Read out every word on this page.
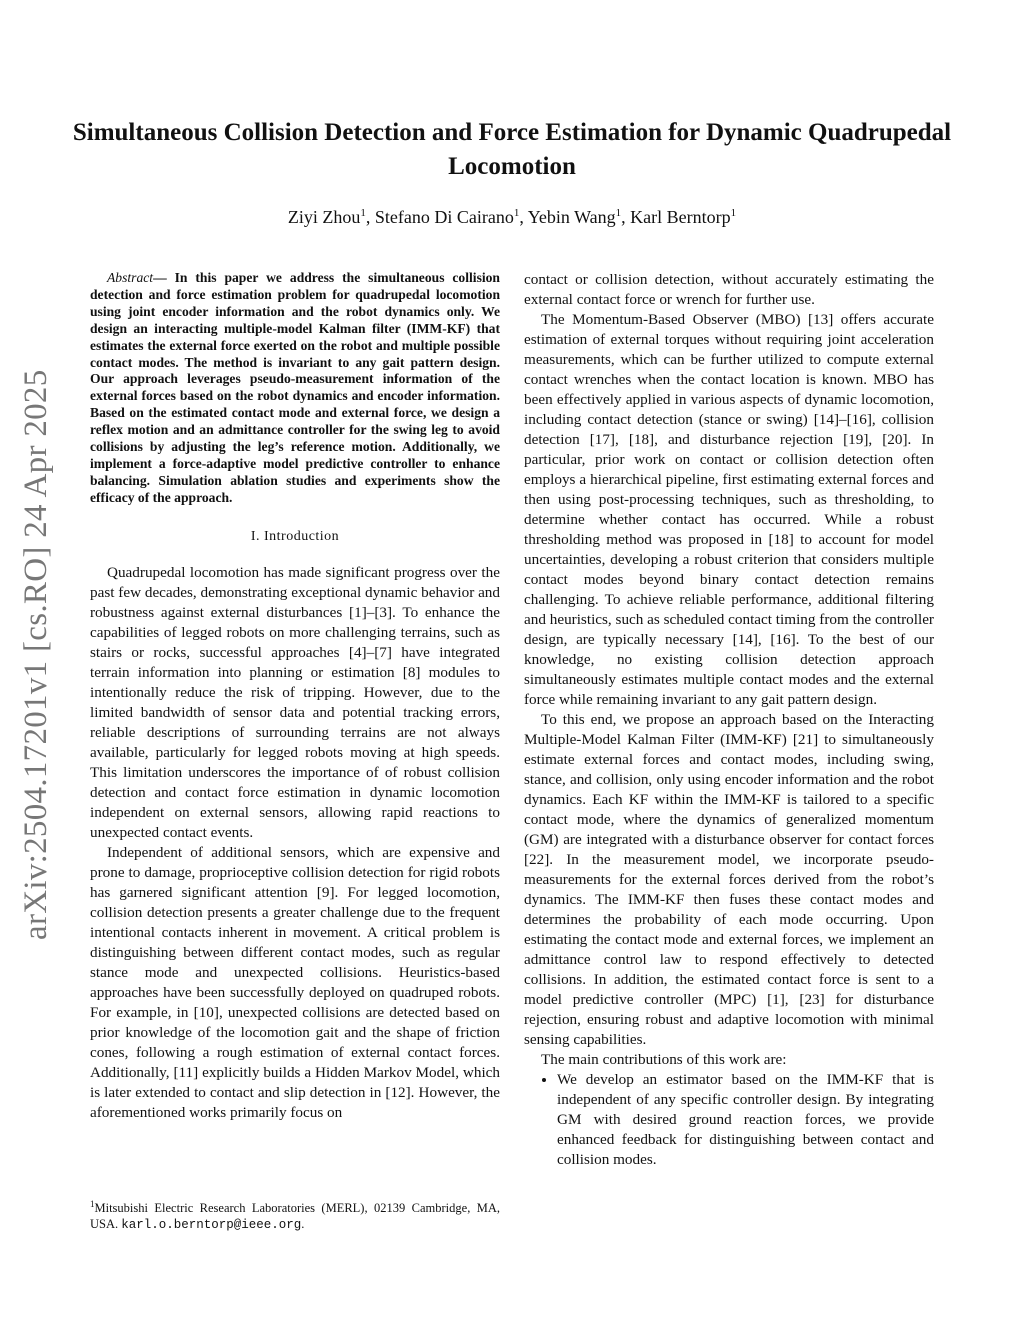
arXiv:2504.17201v1 [cs.RO] 24 Apr 2025
Simultaneous Collision Detection and Force Estimation for Dynamic Quadrupedal Locomotion
Ziyi Zhou$^1$, Stefano Di Cairano$^1$, Yebin Wang$^1$, Karl Berntorp$^1$

Abstract— In this paper we address the simultaneous collision detection and force estimation problem for quadrupedal locomotion using joint encoder information and the robot dynamics only. We design an interacting multiple-model Kalman filter (IMM-KF) that estimates the external force exerted on the robot and multiple possible contact modes. The method is invariant to any gait pattern design. Our approach leverages pseudo-measurement information of the external forces based on the robot dynamics and encoder information. Based on the estimated contact mode and external force, we design a reflex motion and an admittance controller for the swing leg to avoid collisions by adjusting the leg’s reference motion. Additionally, we implement a force-adaptive model predictive controller to enhance balancing. Simulation ablation studies and experiments show the efficacy of the approach.

I. Introduction

Quadrupedal locomotion has made significant progress over the past few decades, demonstrating exceptional dynamic behavior and robustness against external disturbances [1]–[3]. To enhance the capabilities of legged robots on more challenging terrains, such as stairs or rocks, successful approaches [4]–[7] have integrated terrain information into planning or estimation [8] modules to intentionally reduce the risk of tripping. However, due to the limited bandwidth of sensor data and potential tracking errors, reliable descriptions of surrounding terrains are not always available, particularly for legged robots moving at high speeds. This limitation underscores the importance of of robust collision detection and contact force estimation in dynamic locomotion independent on external sensors, allowing rapid reactions to unexpected contact events.

Independent of additional sensors, which are expensive and prone to damage, proprioceptive collision detection for rigid robots has garnered significant attention [9]. For legged locomotion, collision detection presents a greater challenge due to the frequent intentional contacts inherent in movement. A critical problem is distinguishing between different contact modes, such as regular stance mode and unexpected collisions. Heuristics-based approaches have been successfully deployed on quadruped robots. For example, in [10], unexpected collisions are detected based on prior knowledge of the locomotion gait and the shape of friction cones, following a rough estimation of external contact forces. Additionally, [11] explicitly builds a Hidden Markov Model, which is later extended to contact and slip detection in [12]. However, the aforementioned works primarily focus on

contact or collision detection, without accurately estimating the external contact force or wrench for further use.

The Momentum-Based Observer (MBO) [13] offers accurate estimation of external torques without requiring joint acceleration measurements, which can be further utilized to compute external contact wrenches when the contact location is known. MBO has been effectively applied in various aspects of dynamic locomotion, including contact detection (stance or swing) [14]–[16], collision detection [17], [18], and disturbance rejection [19], [20]. In particular, prior work on contact or collision detection often employs a hierarchical pipeline, first estimating external forces and then using post-processing techniques, such as thresholding, to determine whether contact has occurred. While a robust thresholding method was proposed in [18] to account for model uncertainties, developing a robust criterion that considers multiple contact modes beyond binary contact detection remains challenging. To achieve reliable performance, additional filtering and heuristics, such as scheduled contact timing from the controller design, are typically necessary [14], [16]. To the best of our knowledge, no existing collision detection approach simultaneously estimates multiple contact modes and the external force while remaining invariant to any gait pattern design.

To this end, we propose an approach based on the Interacting Multiple-Model Kalman Filter (IMM-KF) [21] to simultaneously estimate external forces and contact modes, including swing, stance, and collision, only using encoder information and the robot dynamics. Each KF within the IMM-KF is tailored to a specific contact mode, where the dynamics of generalized momentum (GM) are integrated with a disturbance observer for contact forces [22]. In the measurement model, we incorporate pseudo-measurements for the external forces derived from the robot’s dynamics. The IMM-KF then fuses these contact modes and determines the probability of each mode occurring. Upon estimating the contact mode and external forces, we implement an admittance control law to respond effectively to detected collisions. In addition, the estimated contact force is sent to a model predictive controller (MPC) [1], [23] for disturbance rejection, ensuring robust and adaptive locomotion with minimal sensing capabilities.

The main contributions of this work are:

• We develop an estimator based on the IMM-KF that is independent of any specific controller design. By integrating GM with desired ground reaction forces, we provide enhanced feedback for distinguishing between contact and collision modes.
$^1$Mitsubishi Electric Research Laboratories (MERL), 02139 Cambridge, MA, USA. karl.o.berntorp@ieee.org.
